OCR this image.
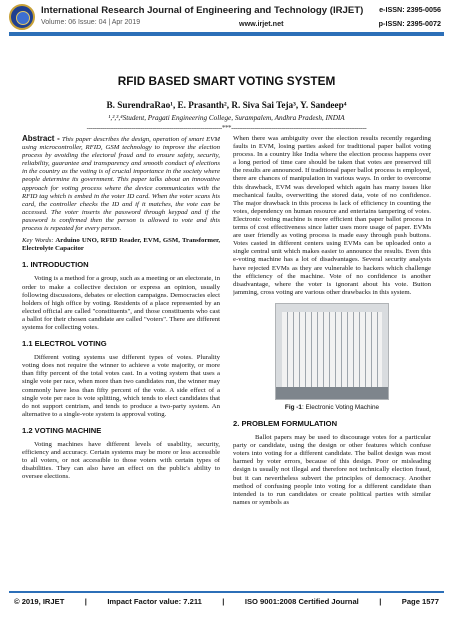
International Research Journal of Engineering and Technology (IRJET)
Volume: 06 Issue: 04 | Apr 2019	www.irjet.net
e-ISSN: 2395-0056
p-ISSN: 2395-0072
RFID BASED SMART VOTING SYSTEM
B. SurendraRao¹, E. Prasanth², R. Siva Sai Teja³, Y. Sandeep⁴
¹,²,³,⁴Student, Pragati Engineering College, Surampalem, Andhra Pradesh, INDIA
----------------------------------------------------------------------***----------------------------------------------------------------------

Abstract - This paper describes the design, operation of smart EVM using microcontroller, RFID, GSM technology to improve the election process by avoiding the electoral fraud and to ensure safety, security, reliability, guarantee and transparency and smooth conduct of elections in the country as the voting is of crucial importance in the society where people determine its government. This paper talks about an innovative approach for voting process where the device communicates with the RFID tag which is embed in the voter ID card. When the voter scans his card, the controller checks the ID and if it matches, the vote can be accessed. The voter inserts the password through keypad and if the password is confirmed then the person is allowed to vote and this process is repeated for every person.

Key Words: Arduino UNO, RFID Reader, EVM, GSM, Transformer, Electrolyte Capacitor

1. INTRODUCTION

Voting is a method for a group, such as a meeting or an electorate, in order to make a collective decision or express an opinion, usually following discussions, debates or election campaigns. Democracies elect holders of high office by voting. Residents of a place represented by an elected official are called "constituents", and those constituents who cast a ballot for their chosen candidate are called "voters". There are different systems for collecting votes.

1.1 ELECTROL VOTING

Different voting systems use different types of votes. Plurality voting does not require the winner to achieve a vote majority, or more than fifty percent of the total votes cast. In a voting system that uses a single vote per race, when more than two candidates run, the winner may commonly have less than fifty percent of the vote. A side effect of a single vote per race is vote splitting, which tends to elect candidates that do not support centrism, and tends to produce a two-party system. An alternative to a single-vote system is approval voting.

1.2 VOTING MACHINE

Voting machines have different levels of usability, security, efficiency and accuracy. Certain systems may be more or less accessible to all voters, or not accessible to those voters with certain types of disabilities. They can also have an effect on the public's ability to oversee elections.

When there was ambiguity over the election results recently regarding faults in EVM, losing parties asked for traditional paper ballot voting process. In a country like India where the election process happens over a long period of time care should be taken that votes are preserved till the results are announced. If traditional paper ballot process is employed, there are chances of manipulation in various ways. In order to overcome this drawback, EVM was developed which again has many issues like mechanical faults, overwriting the stored data, vote of no confidence. The major drawback in this process is lack of efficiency in counting the votes, dependency on human resource and entertains tampering of votes. Electronic voting machine is more efficient than paper ballot process in terms of cost effectiveness since latter uses more usage of paper. EVMs are user friendly as voting process is made easy through push buttons. Votes casted in different centers using EVMs can be uploaded onto a single central unit which makes easier to announce the results. Even this e-voting machine has a lot of disadvantages. Several security analysts have rejected EVMs as they are vulnerable to hackers which challenge the efficiency of the machine. Vote of no confidence is another disadvantage, where the voter is ignorant about his vote. Button jamming, cross voting are various other drawbacks in this system.

Fig -1: Electronic Voting Machine

2. PROBLEM FORMULATION

Ballot papers may be used to discourage votes for a particular party or candidate, using the design or other features which confuse voters into voting for a different candidate. The ballot design was most harmed by voter errors, because of this design. Poor or misleading design is usually not illegal and therefore not technically election fraud, but it can nevertheless subvert the principles of democracy. Another method of confusing people into voting for a different candidate than intended is to run candidates or create political parties with similar names or symbols as

© 2019, IRJET	|	Impact Factor value: 7.211	|	ISO 9001:2008 Certified Journal	|	Page 1577
